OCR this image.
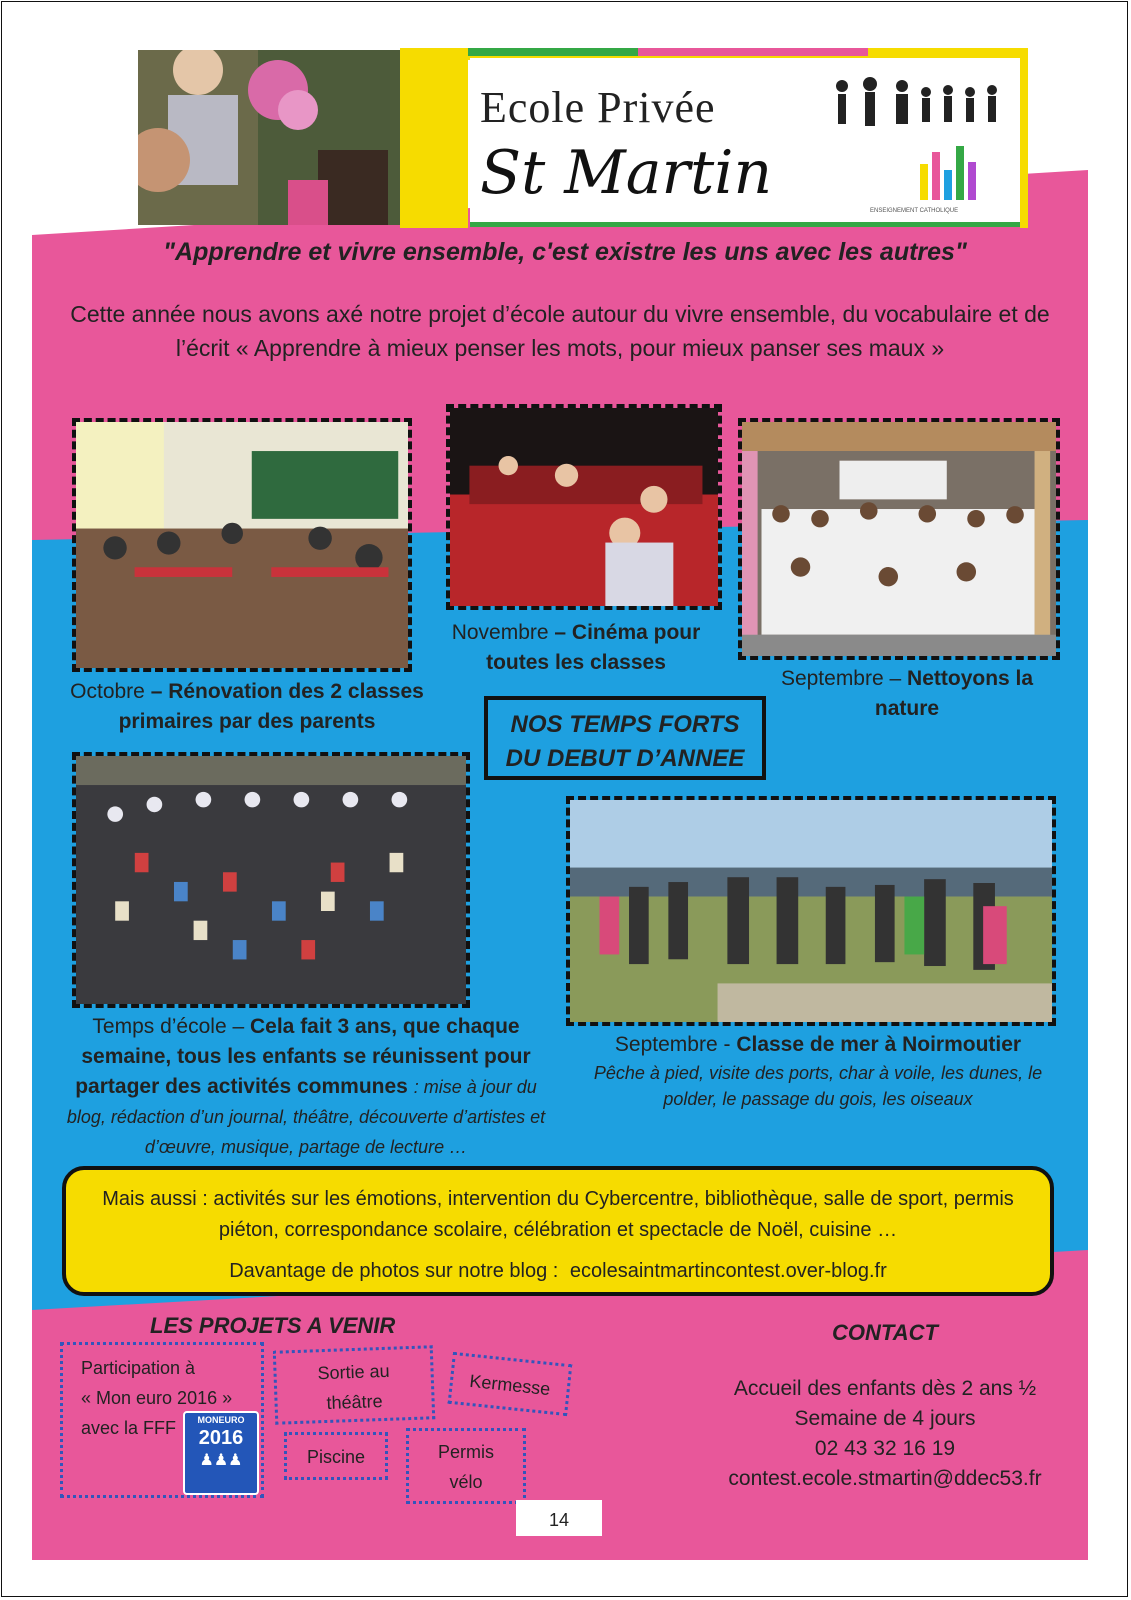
Ecole Privée
St Martin
ENSEIGNEMENT CATHOLIQUE
"Apprendre et vivre ensemble, c'est existre les uns avec les autres"
Cette année nous avons axé notre projet d’école autour du vivre ensemble, du vocabulaire et de l’écrit « Apprendre à mieux penser les mots, pour mieux panser ses maux »
Octobre – Rénovation des 2 classes primaires par des parents
Novembre – Cinéma pour toutes les classes
Septembre – Nettoyons la nature
NOS TEMPS FORTS
DU DEBUT D’ANNEE
Temps d’école – Cela fait 3 ans, que chaque semaine, tous les enfants se réunissent pour partager des activités communes : mise à jour du blog, rédaction d’un journal, théâtre, découverte d’artistes et d’œuvre, musique, partage de lecture …
Septembre - Classe de mer à Noirmoutier
Pêche à pied, visite des ports, char à voile, les dunes, le polder, le passage du gois, les oiseaux
Mais aussi : activités sur les émotions, intervention du Cybercentre, bibliothèque, salle de sport, permis piéton, correspondance scolaire, célébration et spectacle de Noël, cuisine …
Davantage de photos sur notre blog : ecolesaintmartincontest.over-blog.fr
LES PROJETS A VENIR
Participation à
« Mon euro 2016 »
avec la FFF	MONEURO
2016
♟♟♟
Sortie au
théâtre
Kermesse
Piscine	Permis
vélo
CONTACT
Accueil des enfants dès 2 ans ½
Semaine de 4 jours
02 43 32 16 19
contest.ecole.stmartin@ddec53.fr
14
